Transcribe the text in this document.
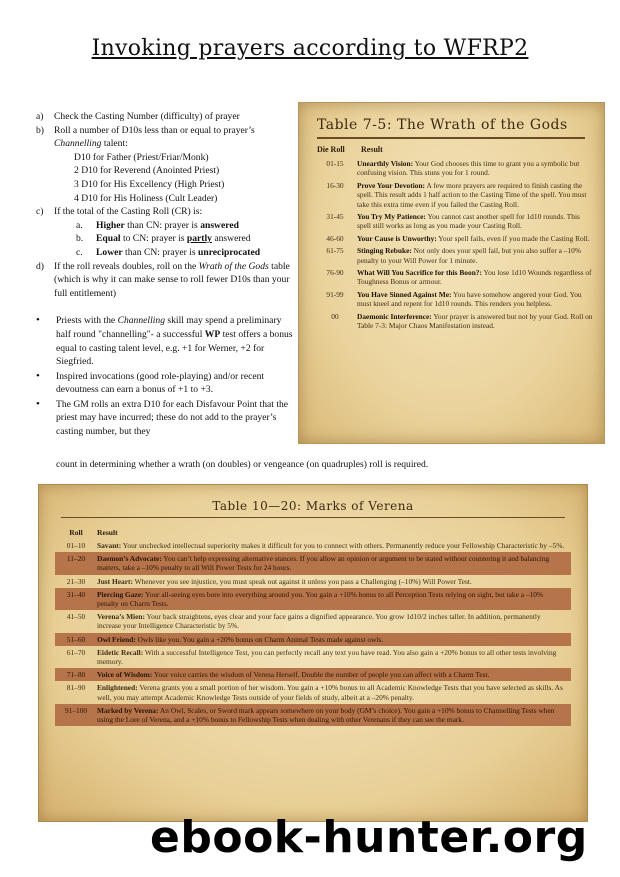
Invoking prayers according to WFRP2
a)	Check the Casting Number (difficulty) of prayer
b)	Roll a number of D10s less than or equal to prayer’s Channelling talent:
D10 for Father (Priest/Friar/Monk)
2 D10 for Reverend (Anointed Priest)
3 D10 for His Excellency (High Priest)
4 D10 for His Holiness (Cult Leader)
c)	If the total of the Casting Roll (CR) is:
a.	Higher than CN: prayer is answered
b.	Equal to CN: prayer is partly answered
c.	Lower than CN: prayer is unreciprocated
d)	If the roll reveals doubles, roll on the Wrath of the Gods table (which is why it can make sense to roll fewer D10s than your full entitlement)
•	Priests with the Channelling skill may spend a preliminary half round "channelling"- a successful WP test offers a bonus equal to casting talent level, e.g. +1 for Werner, +2 for Siegfried.
•	Inspired invocations (good role-playing) and/or recent devoutness can earn a bonus of +1 to +3.
•	The GM rolls an extra D10 for each Disfavour Point that the priest may have incurred; these do not add to the prayer’s casting number, but they
count in determining whether a wrath (on doubles) or vengeance (on quadruples) roll is required.
Table 7-5: The Wrath of the Gods
Die Roll Result
01-15	Unearthly Vision: Your God chooses this time to grant you a symbolic but confusing vision. This stuns you for 1 round.
16-30	Prove Your Devotion: A few more prayers are required to finish casting the spell. This result adds 1 half action to the Casting Time of the spell. You must take this extra time even if you failed the Casting Roll.
31-45	You Try My Patience: You cannot cast another spell for 1d10 rounds. This spell still works as long as you made your Casting Roll.
46-60	Your Cause is Unworthy: Your spell fails, even if you made the Casting Roll.
61-75	Stinging Rebuke: Not only does your spell fail, but you also suffer a –10% penalty to your Will Power for 1 minute.
76-90	What Will You Sacrifice for this Boon?: You lose 1d10 Wounds regardless of Toughness Bonus or armour.
91-99	You Have Sinned Against Me: You have somehow angered your God. You must kneel and repent for 1d10 rounds. This renders you helpless.
00	Daemonic Interference: Your prayer is answered but not by your God. Roll on Table 7-3: Major Chaos Manifestation instead.
Table 10—20: Marks of Verena
Roll	Result
01–10	Savant: Your unchecked intellectual superiority makes it difficult for you to connect with others. Permanently reduce your Fellowship Characteristic by –5%.
11–20	Daemon’s Advocate: You can’t help expressing alternative stances. If you allow an opinion or argument to be stated without countering it and balancing matters, take a –10% penalty to all Will Power Tests for 24 hours.
21–30	Just Heart: Whenever you see injustice, you must speak out against it unless you pass a Challenging (–10%) Will Power Test.
31–40	Piercing Gaze: Your all-seeing eyes bore into everything around you. You gain a +10% bonus to all Perception Tests relying on sight, but take a –10% penalty on Charm Tests.
41–50	Verena’s Mien: Your back straightens, eyes clear and your face gains a dignified appearance. You grow 1d10/2 inches taller. In addition, permanently increase your Intelligence Characteristic by 5%.
51–60	Owl Friend: Owls like you. You gain a +20% bonus on Charm Animal Tests made against owls.
61–70	Eidetic Recall: With a successful Intelligence Test, you can perfectly recall any text you have read. You also gain a +20% bonus to all other tests involving memory.
71–80	Voice of Wisdom: Your voice carries the wisdom of Verena Herself. Double the number of people you can affect with a Charm Test.
81–90	Enlightened: Verena grants you a small portion of her wisdom. You gain a +10% bonus to all Academic Knowledge Tests that you have selected as skills. As well, you may attempt Academic Knowledge Tests outside of your fields of study, albeit at a –20% penalty.
91–100	Marked by Verena: An Owl, Scales, or Sword mark appears somewhere on your body (GM’s choice). You gain a +10% bonus to Channelling Tests when using the Lore of Verena, and a +10% bonus to Fellowship Tests when dealing with other Verenans if they can see the mark.
ebook-hunter.org
